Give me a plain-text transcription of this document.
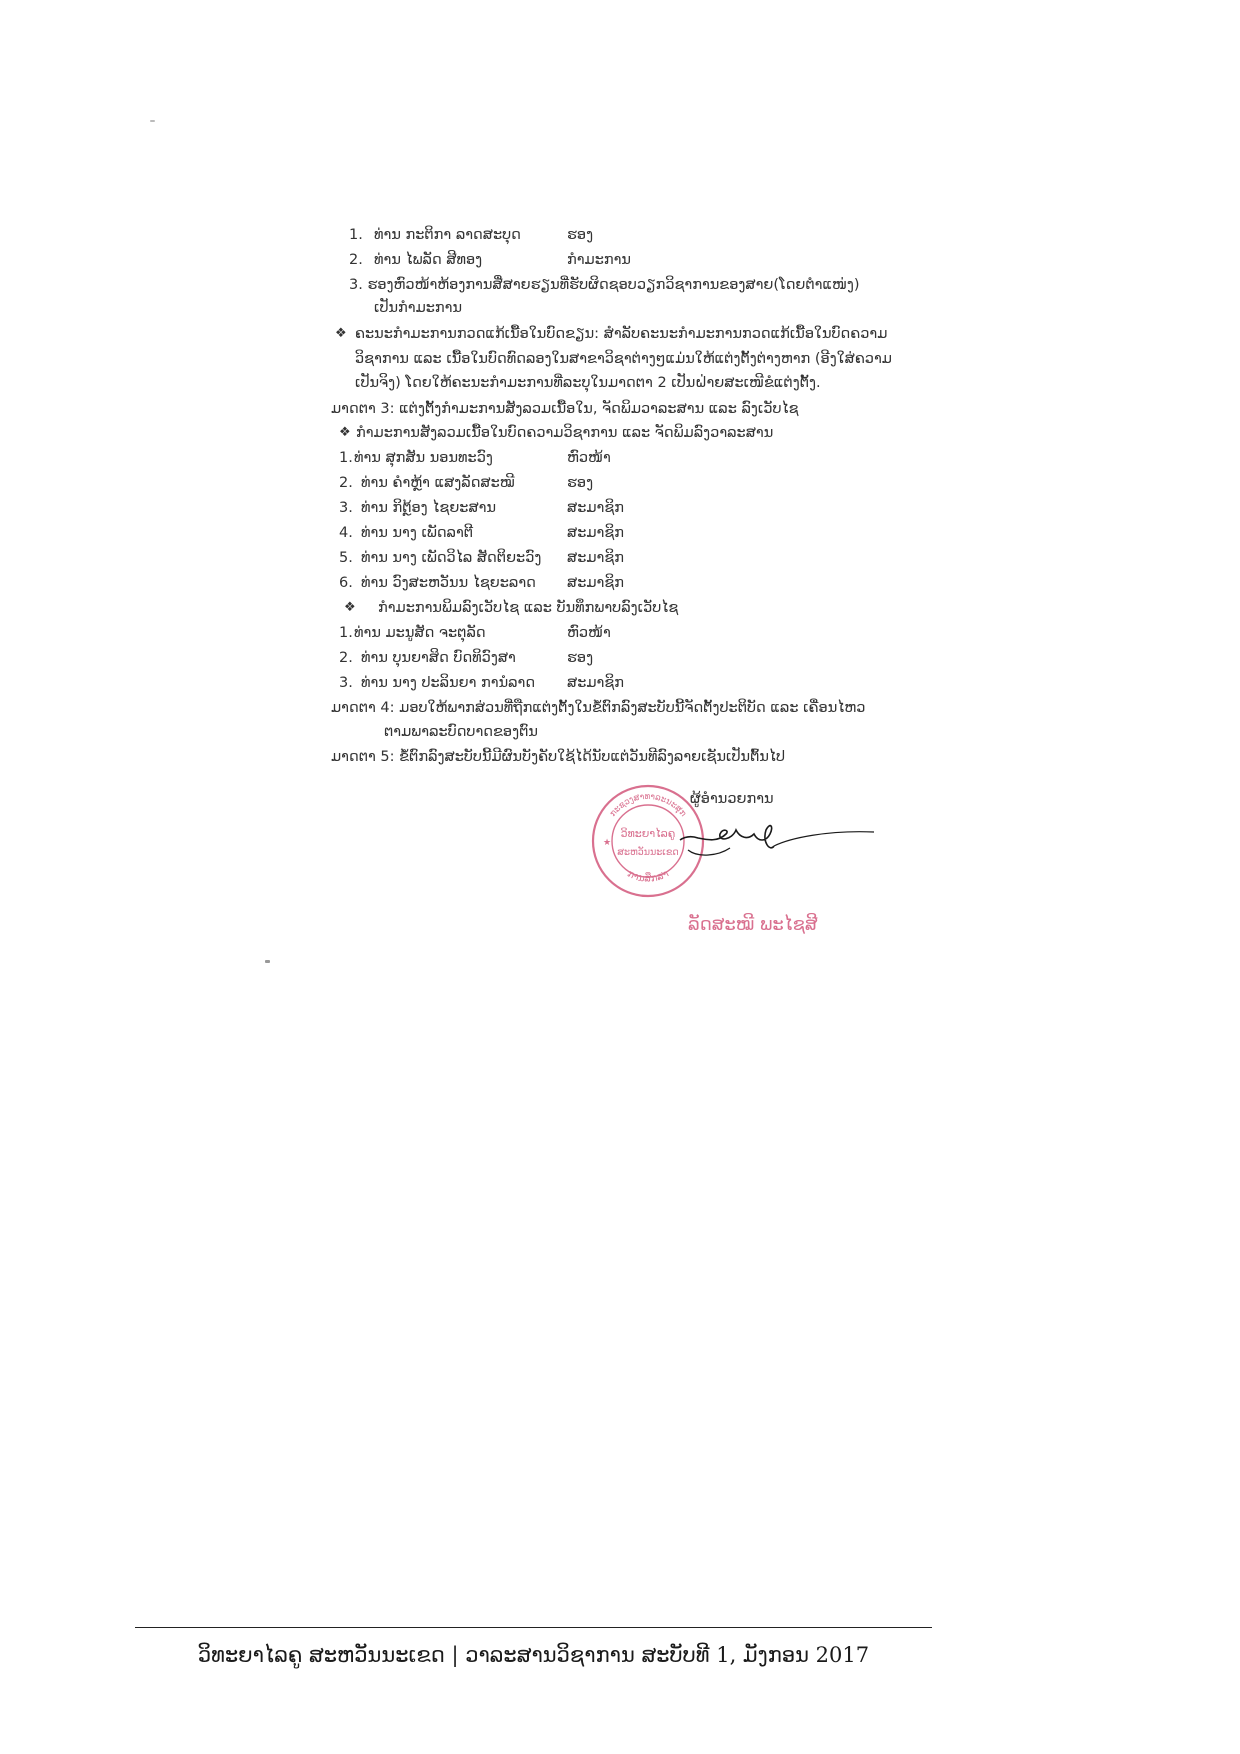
1. ທ່ານ ກະຕິກາ ລາດສະບຸດ	ຮອງ
2. ທ່ານ ໄພລັດ ສີທອງ	ກຳມະການ
3. ຮອງຫົວໜ້າຫ້ອງການສື່ສາຍຮຽນທີ່ຮັບຜິດຊອບວຽກວິຊາການຂອງສາຍ(ໂດຍຕຳແໜ່ງ)
ເປັນກຳມະການ
❖ ຄະນະກຳມະການກວດແກ້ເນື້ອໃນບົດຂຽນ: ສຳລັບຄະນະກຳມະການກວດແກ້ເນື້ອໃນບົດຄວາມ
ວິຊາການ ແລະ ເນື້ອໃນບົດທົດລອງໃນສາຂາວິຊາຕ່າງໆແມ່ນໃຫ້ແຕ່ງຕັ້ງຕ່າງຫາກ (ອີງໃສ່ຄວາມ
ເປັນຈິງ) ໂດຍໃຫ້ຄະນະກຳມະການທີ່ລະບຸໃນມາດຕາ 2 ເປັນຝ່າຍສະເໜີຂໍແຕ່ງຕັ້ງ.
ມາດຕາ 3: ແຕ່ງຕັ້ງກຳມະການສັງລວມເນື້ອໃນ, ຈັດພິມວາລະສານ ແລະ ລົງເວັບໄຊ
❖ ກຳມະການສັງລວມເນື້ອໃນບົດຄວາມວິຊາການ ແລະ ຈັດພິມລົງວາລະສານ
1. ທ່ານ ສຸກສັນ ນອນທະວົງ	ຫົວໜ້າ
2. ທ່ານ ຄຳຫຼ້າ ແສງລັດສະໝີ	ຮອງ
3. ທ່ານ ກິຕຼ້ອງ ໄຊຍະສານ	ສະມາຊິກ
4. ທ່ານ ນາງ ເພັດລາຕີ	ສະມາຊິກ
5. ທ່ານ ນາງ ເພັດວິໄລ ສັດຕິຍະວົງ ສະມາຊິກ
6. ທ່ານ ວົງສະຫວັນນ ໄຊຍະລາດ ສະມາຊິກ
❖ ກຳມະການພິມລົງເວັບໄຊ ແລະ ບັນທຶກພາບລົງເວັບໄຊ
1. ທ່ານ ມະນູສັດ ຈະຕຸລັດ	ຫົວໜ້າ
2. ທ່ານ ບຸນຍາສິດ ບົດທິວົງສາ	ຮອງ
3. ທ່ານ ນາງ ປະລິນຍາ ການໍລາດ ສະມາຊິກ
ມາດຕາ 4: ມອບໃຫ້ພາກສ່ວນທີ່ຖືກແຕ່ງຕັ້ງໃນຂໍ້ຕົກລົງສະບັບນີ້ຈັດຕັ້ງປະຕິບັດ ແລະ ເຄື່ອນໄຫວ
ຕາມພາລະບົດບາດຂອງຕົນ
ມາດຕາ 5: ຂໍ້ຕົກລົງສະບັບນີ້ມີຜົນບັງຄັບໃຊ້ໄດ້ນັບແຕ່ວັນທີລົງລາຍເຊັນເປັນຕົ້ນໄປ
ຜູ້ອຳນວຍການ
ກະຊວງສາທາລະນະສຸກ
ການສຶກສາ
ວິທະຍາໄລຄູ
ສະຫວັນນະເຂດ
★
ລັດສະໝີ ພະໄຊສີ
ວິທະຍາໄລຄູ ສະຫວັນນະເຂດ | ວາລະສານວິຊາການ ສະບັບທີ 1, ມັງກອນ 2017
